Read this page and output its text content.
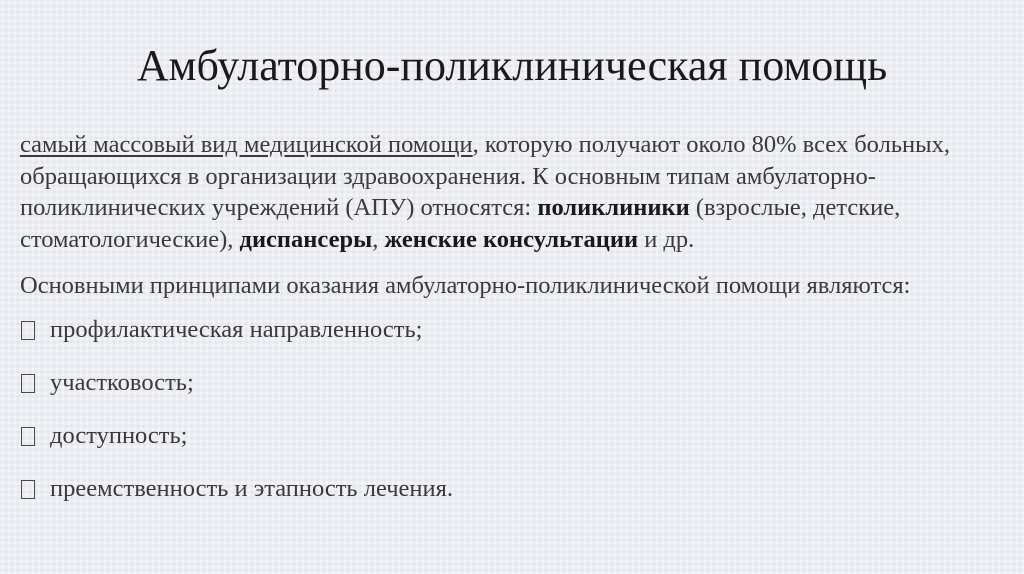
Амбулаторно-поликлиническая помощь

самый массовый вид медицинской помощи, которую получают около 80% всех больных, обращающихся в организации здравоохранения. К основным типам амбулаторно-поликлинических учреждений (АПУ) относятся: поликлиники (взрослые, детские, стоматологические), диспансеры, женские консультации и др.

Основными принципами оказания амбулаторно-поликлинической помощи являются:

профилактическая направленность;
участковость;
доступность;
преемственность и этапность лечения.
